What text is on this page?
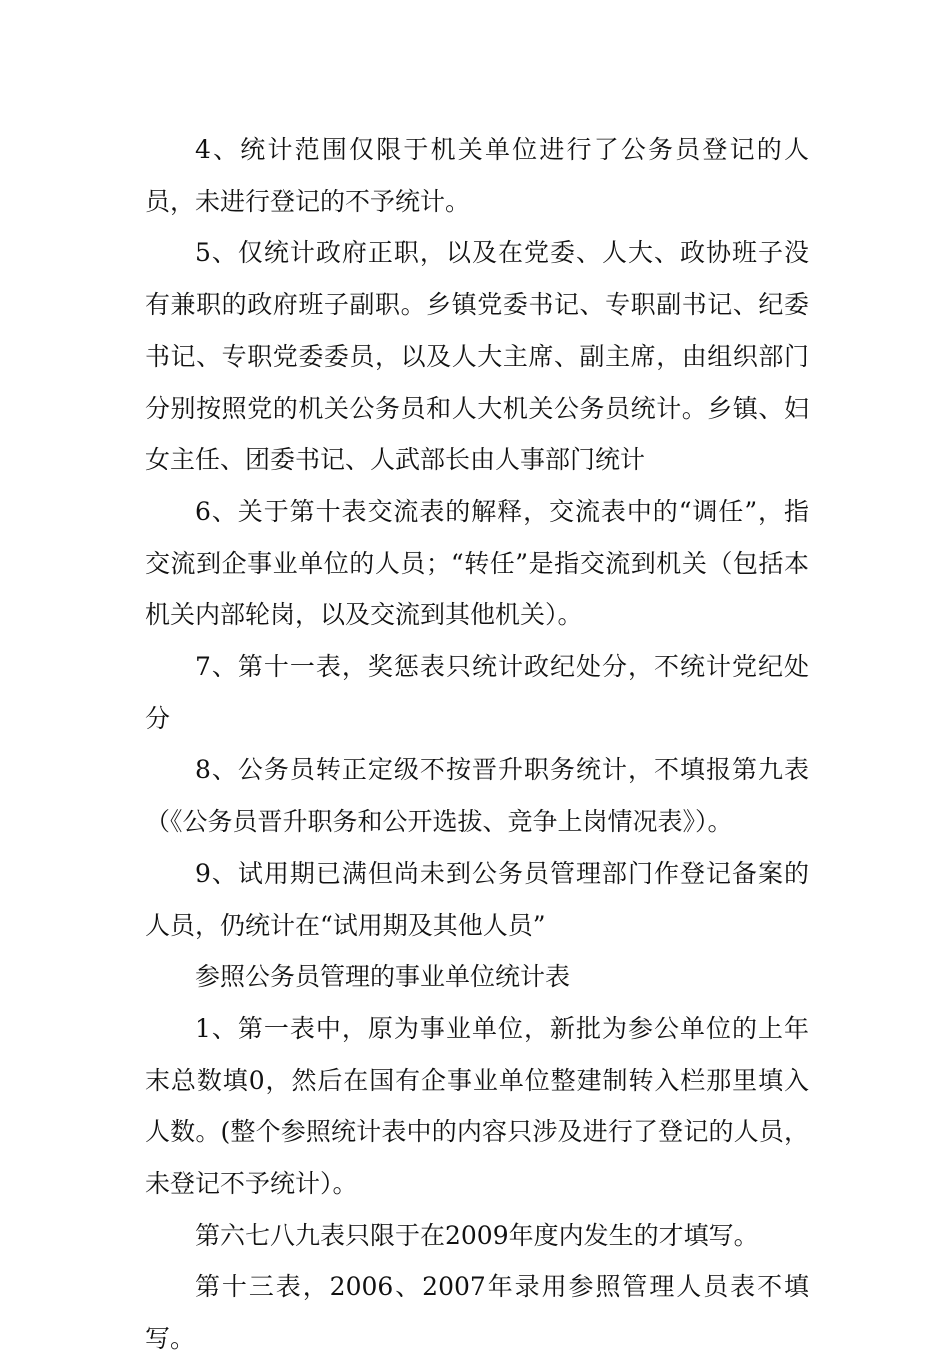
4、统计范围仅限于机关单位进行了公务员登记的人员，未进行登记的不予统计。

5、仅统计政府正职，以及在党委、人大、政协班子没有兼职的政府班子副职。乡镇党委书记、专职副书记、纪委书记、专职党委委员，以及人大主席、副主席，由组织部门分别按照党的机关公务员和人大机关公务员统计。乡镇、妇女主任、团委书记、人武部长由人事部门统计

6、关于第十表交流表的解释，交流表中的“调任”，指交流到企事业单位的人员；“转任”是指交流到机关（包括本机关内部轮岗，以及交流到其他机关）。

7、第十一表，奖惩表只统计政纪处分，不统计党纪处分

8、公务员转正定级不按晋升职务统计，不填报第九表（《公务员晋升职务和公开选拔、竞争上岗情况表》）。

9、试用期已满但尚未到公务员管理部门作登记备案的人员，仍统计在“试用期及其他人员”

参照公务员管理的事业单位统计表

1、第一表中，原为事业单位，新批为参公单位的上年末总数填0，然后在国有企事业单位整建制转入栏那里填入人数。(整个参照统计表中的内容只涉及进行了登记的人员，未登记不予统计）。

第六七八九表只限于在2009年度内发生的才填写。

第十三表，2006、2007年录用参照管理人员表不填写。
